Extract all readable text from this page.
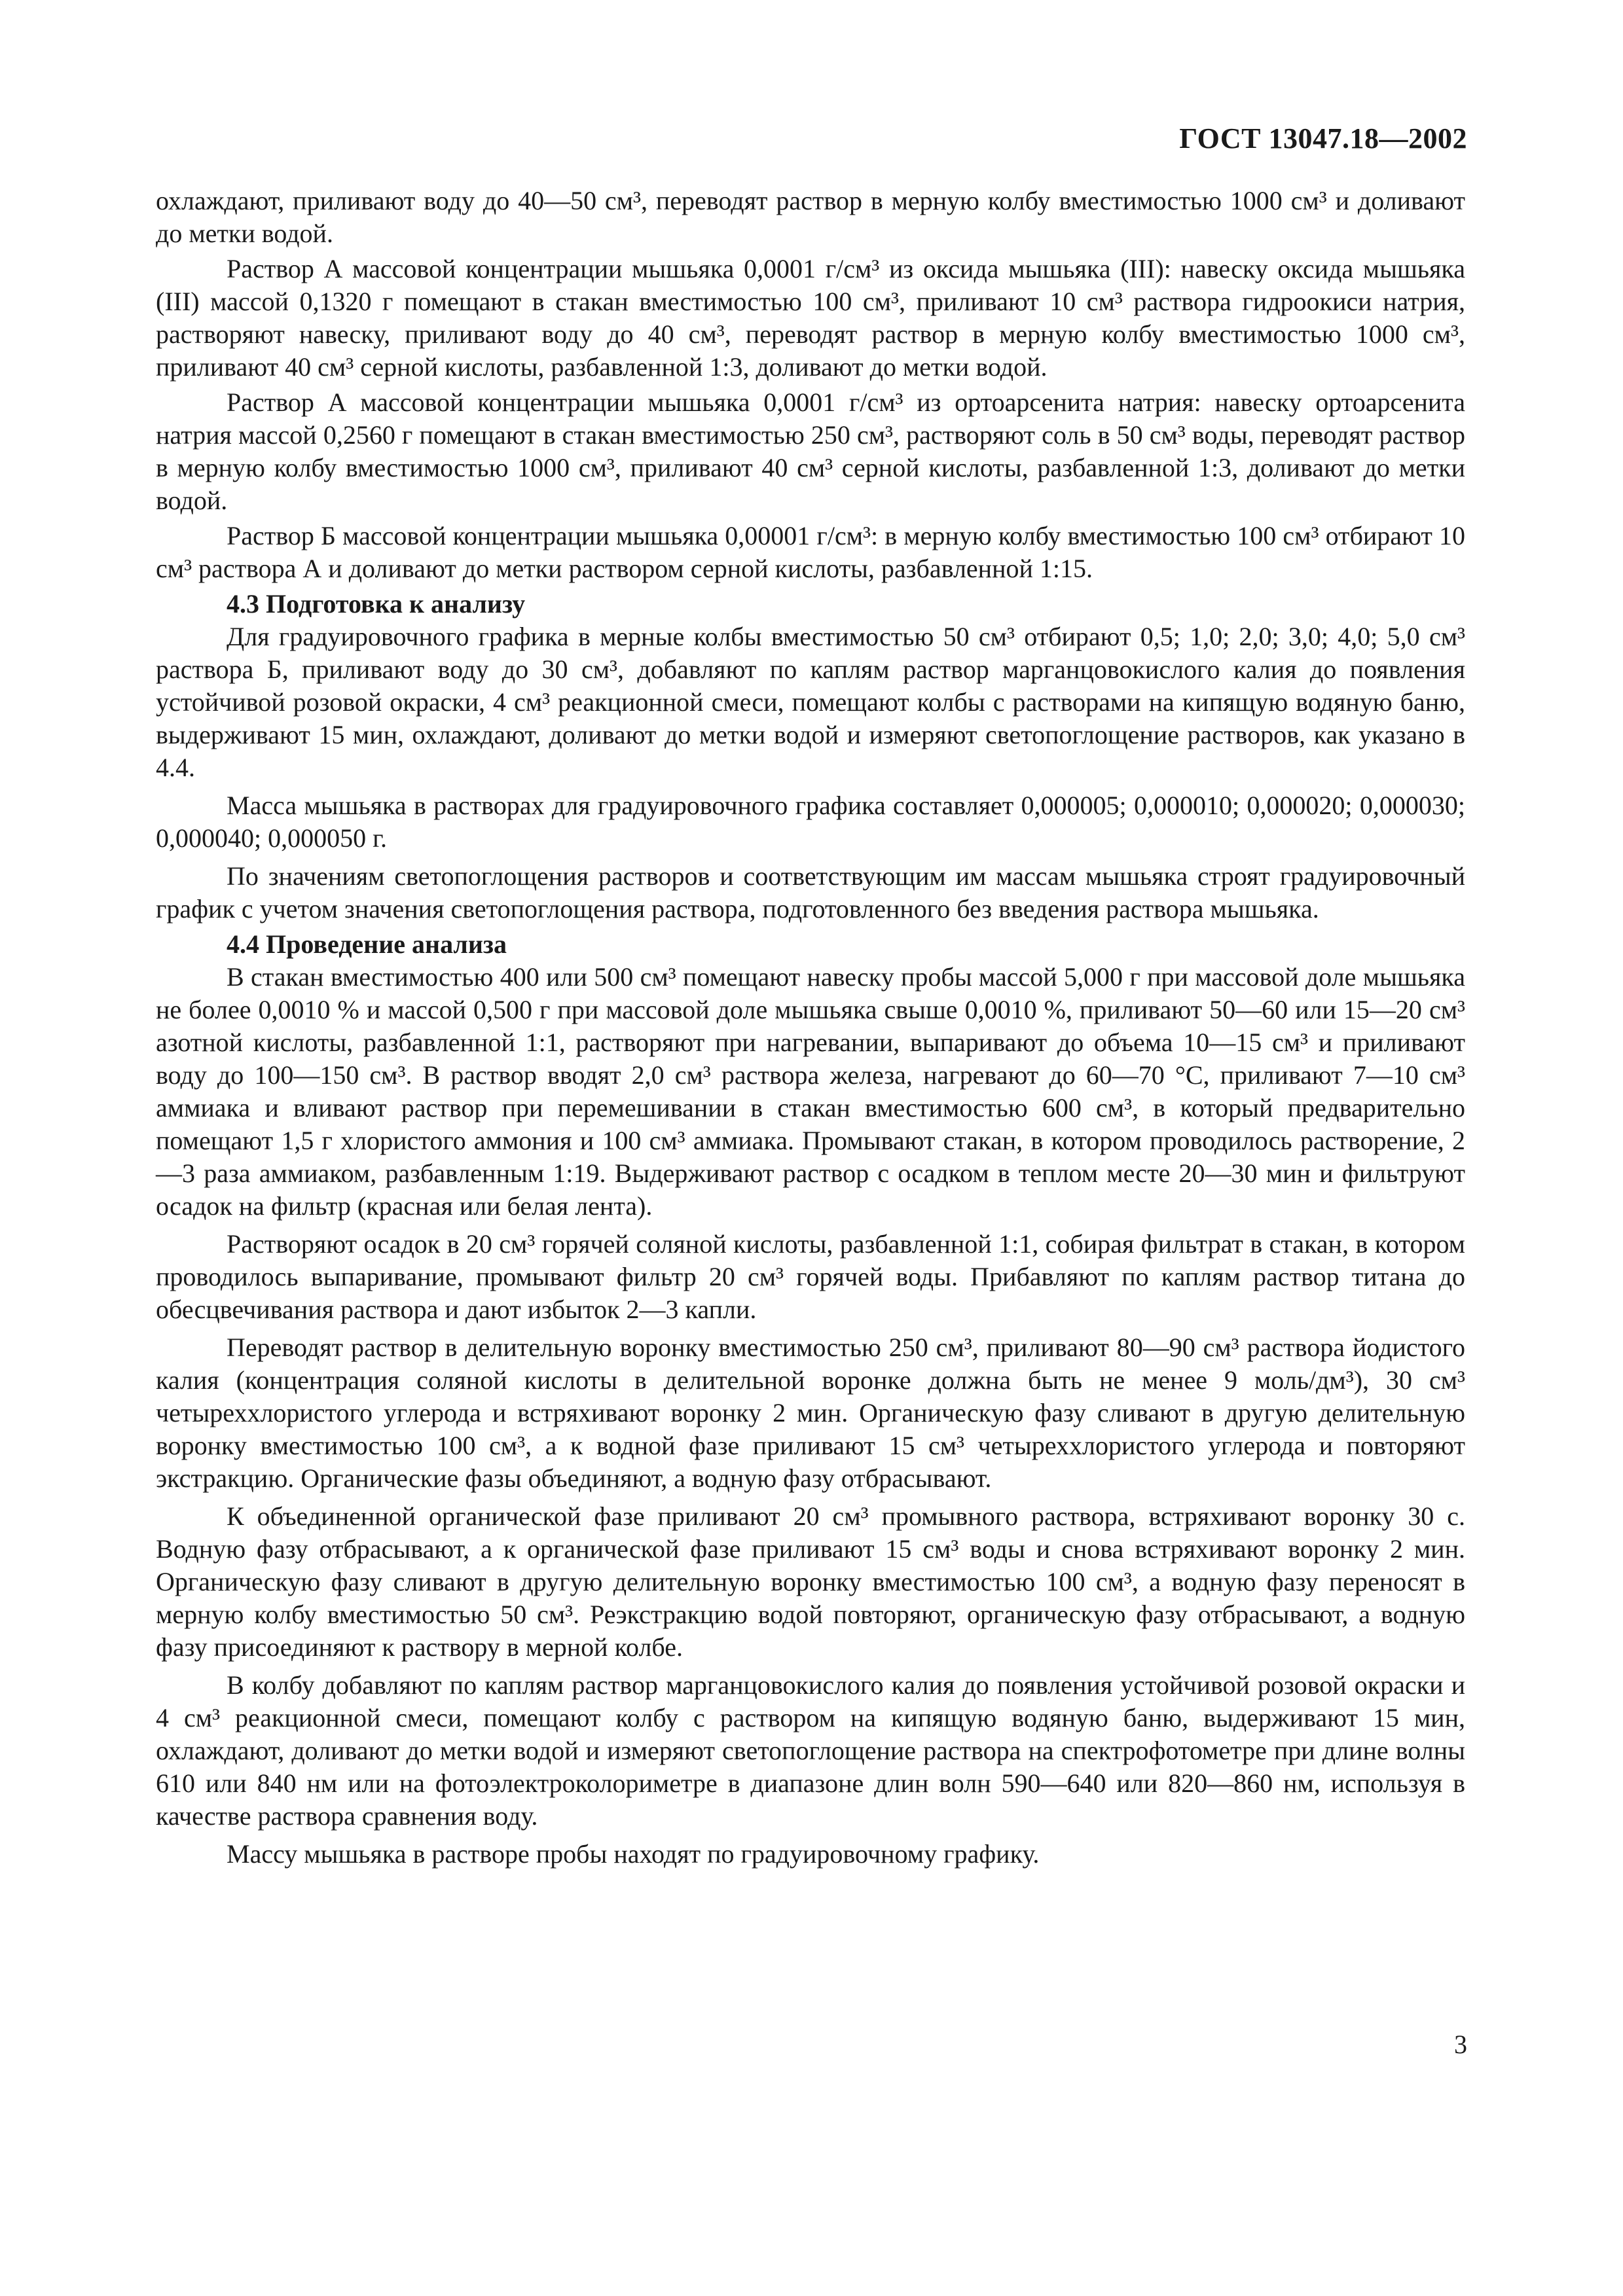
ГОСТ 13047.18—2002

охлаждают, приливают воду до 40—50 см³, переводят раствор в мерную колбу вместимостью 1000 см³ и доливают до метки водой.

Раствор А массовой концентрации мышьяка 0,0001 г/см³ из оксида мышьяка (III): навеску оксида мышьяка (III) массой 0,1320 г помещают в стакан вместимостью 100 см³, приливают 10 см³ раствора гидроокиси натрия, растворяют навеску, приливают воду до 40 см³, переводят раствор в мерную колбу вместимостью 1000 см³, приливают 40 см³ серной кислоты, разбавленной 1:3, доливают до метки водой.

Раствор А массовой концентрации мышьяка 0,0001 г/см³ из ортоарсенита натрия: навеску ортоарсенита натрия массой 0,2560 г помещают в стакан вместимостью 250 см³, растворяют соль в 50 см³ воды, переводят раствор в мерную колбу вместимостью 1000 см³, приливают 40 см³ серной кислоты, разбавленной 1:3, доливают до метки водой.

Раствор Б массовой концентрации мышьяка 0,00001 г/см³: в мерную колбу вместимостью 100 см³ отбирают 10 см³ раствора А и доливают до метки раствором серной кислоты, разбавленной 1:15.

4.3 Подготовка к анализу

Для градуировочного графика в мерные колбы вместимостью 50 см³ отбирают 0,5; 1,0; 2,0; 3,0; 4,0; 5,0 см³ раствора Б, приливают воду до 30 см³, добавляют по каплям раствор марганцовокислого калия до появления устойчивой розовой окраски, 4 см³ реакционной смеси, помещают колбы с растворами на кипящую водяную баню, выдерживают 15 мин, охлаждают, доливают до метки водой и измеряют светопоглощение растворов, как указано в 4.4.

Масса мышьяка в растворах для градуировочного графика составляет 0,000005; 0,000010; 0,000020; 0,000030; 0,000040; 0,000050 г.

По значениям светопоглощения растворов и соответствующим им массам мышьяка строят градуировочный график с учетом значения светопоглощения раствора, подготовленного без введения раствора мышьяка.

4.4 Проведение анализа

В стакан вместимостью 400 или 500 см³ помещают навеску пробы массой 5,000 г при массовой доле мышьяка не более 0,0010 % и массой 0,500 г при массовой доле мышьяка свыше 0,0010 %, приливают 50—60 или 15—20 см³ азотной кислоты, разбавленной 1:1, растворяют при нагревании, выпаривают до объема 10—15 см³ и приливают воду до 100—150 см³. В раствор вводят 2,0 см³ раствора железа, нагревают до 60—70 °С, приливают 7—10 см³ аммиака и вливают раствор при перемешивании в стакан вместимостью 600 см³, в который предварительно помещают 1,5 г хлористого аммония и 100 см³ аммиака. Промывают стакан, в котором проводилось растворение, 2—3 раза аммиаком, разбавленным 1:19. Выдерживают раствор с осадком в теплом месте 20—30 мин и фильтруют осадок на фильтр (красная или белая лента).

Растворяют осадок в 20 см³ горячей соляной кислоты, разбавленной 1:1, собирая фильтрат в стакан, в котором проводилось выпаривание, промывают фильтр 20 см³ горячей воды. Прибавляют по каплям раствор титана до обесцвечивания раствора и дают избыток 2—3 капли.

Переводят раствор в делительную воронку вместимостью 250 см³, приливают 80—90 см³ раствора йодистого калия (концентрация соляной кислоты в делительной воронке должна быть не менее 9 моль/дм³), 30 см³ четыреххлористого углерода и встряхивают воронку 2 мин. Органическую фазу сливают в другую делительную воронку вместимостью 100 см³, а к водной фазе приливают 15 см³ четыреххлористого углерода и повторяют экстракцию. Органические фазы объединяют, а водную фазу отбрасывают.

К объединенной органической фазе приливают 20 см³ промывного раствора, встряхивают воронку 30 с. Водную фазу отбрасывают, а к органической фазе приливают 15 см³ воды и снова встряхивают воронку 2 мин. Органическую фазу сливают в другую делительную воронку вместимостью 100 см³, а водную фазу переносят в мерную колбу вместимостью 50 см³. Реэкстракцию водой повторяют, органическую фазу отбрасывают, а водную фазу присоединяют к раствору в мерной колбе.

В колбу добавляют по каплям раствор марганцовокислого калия до появления устойчивой розовой окраски и 4 см³ реакционной смеси, помещают колбу с раствором на кипящую водяную баню, выдерживают 15 мин, охлаждают, доливают до метки водой и измеряют светопоглощение раствора на спектрофотометре при длине волны 610 или 840 нм или на фотоэлектроколориметре в диапазоне длин волн 590—640 или 820—860 нм, используя в качестве раствора сравнения воду.

Массу мышьяка в растворе пробы находят по градуировочному графику.

3
